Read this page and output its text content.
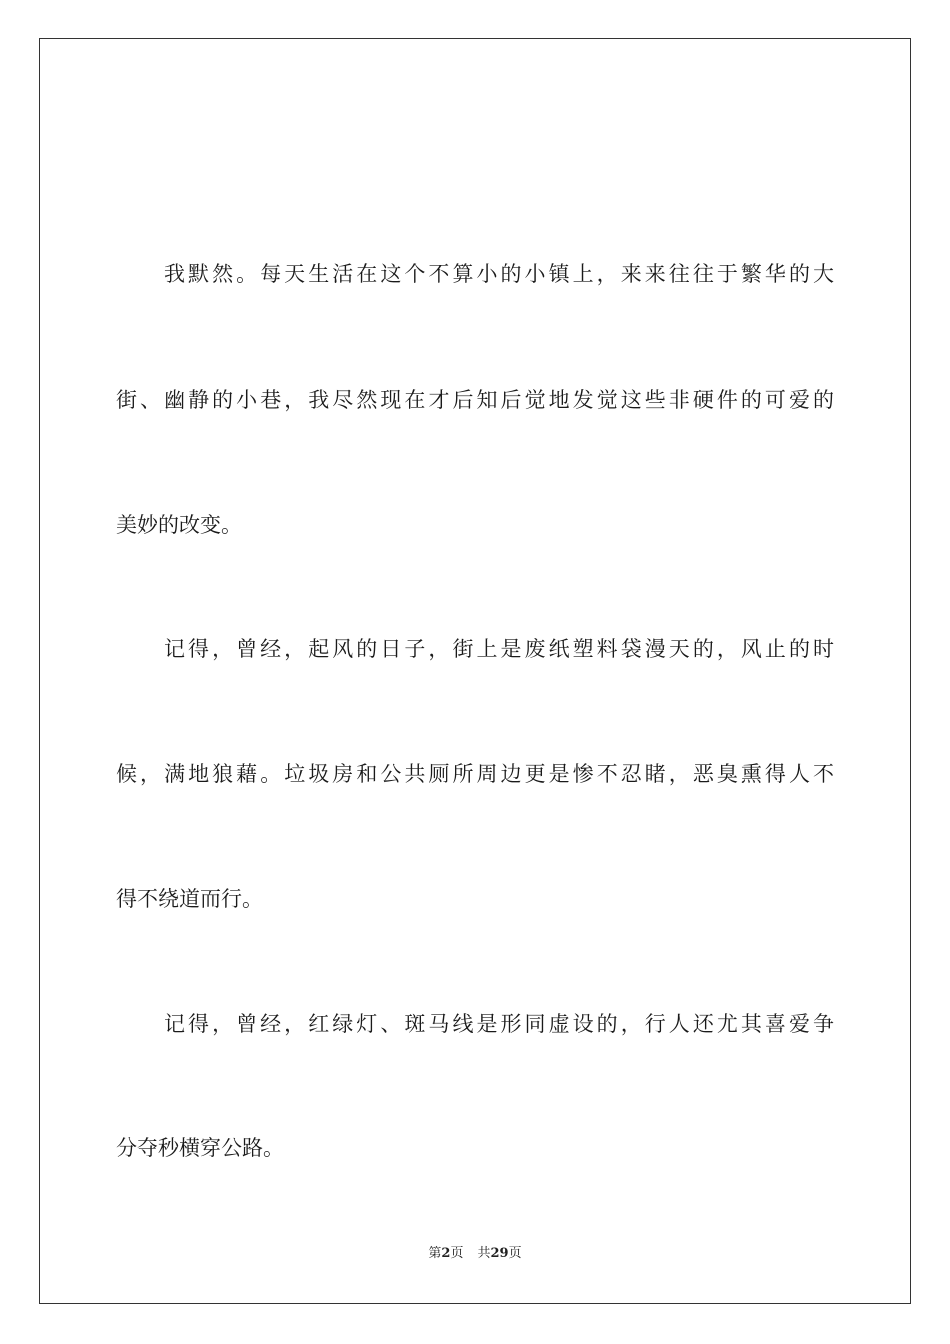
我默然。每天生活在这个不算小的小镇上，来来往往于繁华的大
街、幽静的小巷，我尽然现在才后知后觉地发觉这些非硬件的可爱的
美妙的改变。
记得，曾经，起风的日子，街上是废纸塑料袋漫天的，风止的时
候，满地狼藉。垃圾房和公共厕所周边更是惨不忍睹，恶臭熏得人不
得不绕道而行。
记得，曾经，红绿灯、斑马线是形同虚设的，行人还尤其喜爱争
分夺秒横穿公路。
第2页 共29页
